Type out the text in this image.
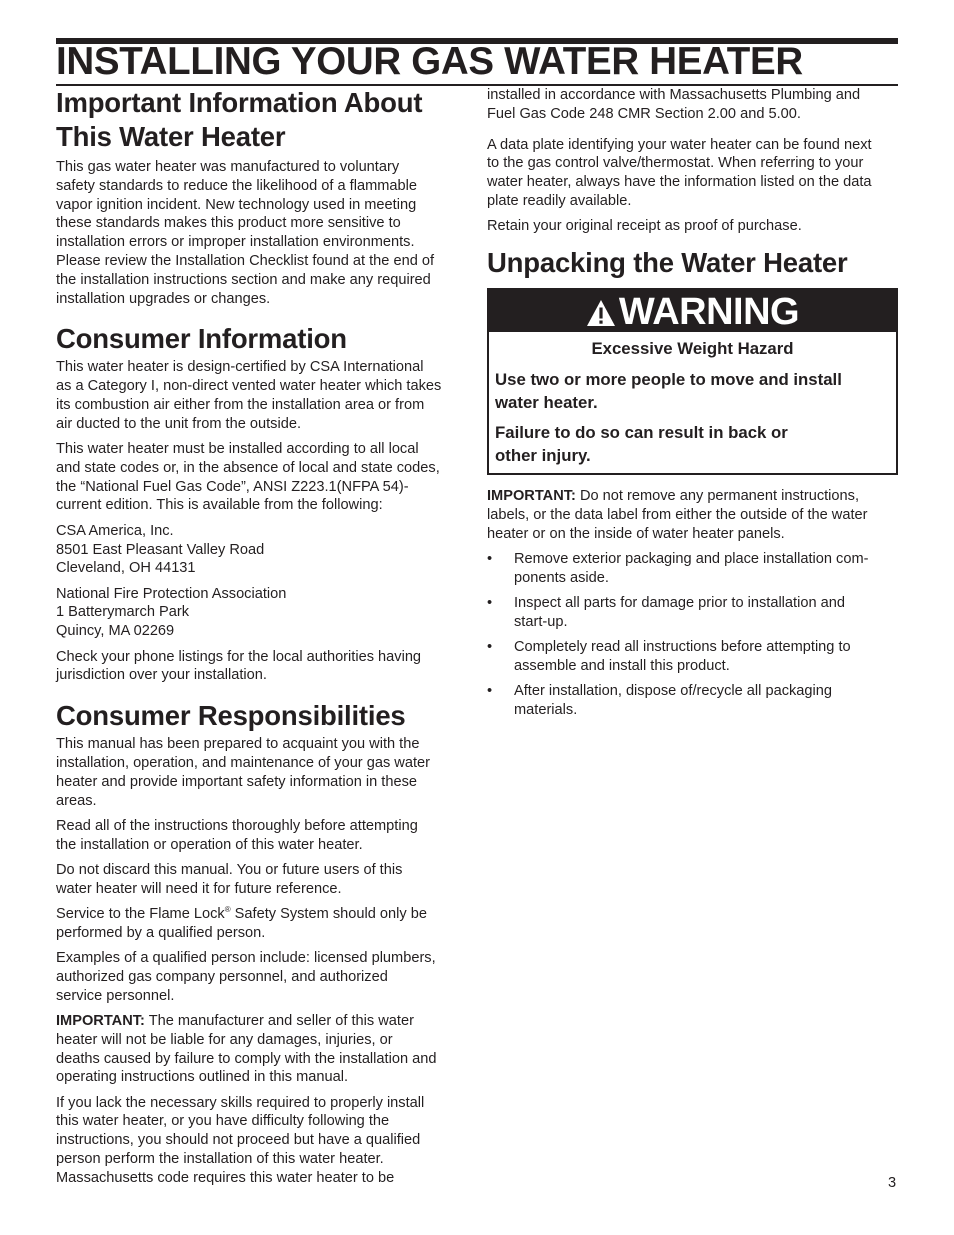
INSTALLING YOUR GAS WATER HEATER
Important Information About
This Water Heater

This gas water heater was manufactured to voluntary
safety standards to reduce the likelihood of a flammable
vapor ignition incident. New technology used in meeting
these standards makes this product more sensitive to
installation errors or improper installation environments.
Please review the Installation Checklist found at the end of
the installation instructions section and make any required
installation upgrades or changes.

Consumer Information

This water heater is design-certified by CSA International
as a Category I, non-direct vented water heater which takes
its combustion air either from the installation area or from
air ducted to the unit from the outside.

This water heater must be installed according to all local
and state codes or, in the absence of local and state codes,
the “National Fuel Gas Code”, ANSI Z223.1(NFPA 54)-
current edition. This is available from the following:

CSA America, Inc.
8501 East Pleasant Valley Road
Cleveland, OH 44131

National Fire Protection Association
1 Batterymarch Park
Quincy, MA 02269

Check your phone listings for the local authorities having
jurisdiction over your installation.

Consumer Responsibilities

This manual has been prepared to acquaint you with the
installation, operation, and maintenance of your gas water
heater and provide important safety information in these
areas.

Read all of the instructions thoroughly before attempting
the installation or operation of this water heater.

Do not discard this manual. You or future users of this
water heater will need it for future reference.

Service to the Flame Lock® Safety System should only be
performed by a qualified person.

Examples of a qualified person include: licensed plumbers,
authorized gas company personnel, and authorized
service personnel.

IMPORTANT: The manufacturer and seller of this water
heater will not be liable for any damages, injuries, or
deaths caused by failure to comply with the installation and
operating instructions outlined in this manual.

If you lack the necessary skills required to properly install
this water heater, or you have difficulty following the
instructions, you should not proceed but have a qualified
person perform the installation of this water heater.
Massachusetts code requires this water heater to be

installed in accordance with Massachusetts Plumbing and
Fuel Gas Code 248 CMR Section 2.00 and 5.00.

A data plate identifying your water heater can be found next
to the gas control valve/thermostat. When referring to your
water heater, always have the information listed on the data
plate readily available.

Retain your original receipt as proof of purchase.

Unpacking the Water Heater
WARNING

Excessive Weight Hazard

Use two or more people to move and install
water heater.

Failure to do so can result in back or
other injury.

IMPORTANT: Do not remove any permanent instructions,
labels, or the data label from either the outside of the water
heater or on the inside of water heater panels.

• Remove exterior packaging and place installation com-
ponents aside.
• Inspect all parts for damage prior to installation and
start-up.
• Completely read all instructions before attempting to
assemble and install this product.
• After installation, dispose of/recycle all packaging
materials.
3
